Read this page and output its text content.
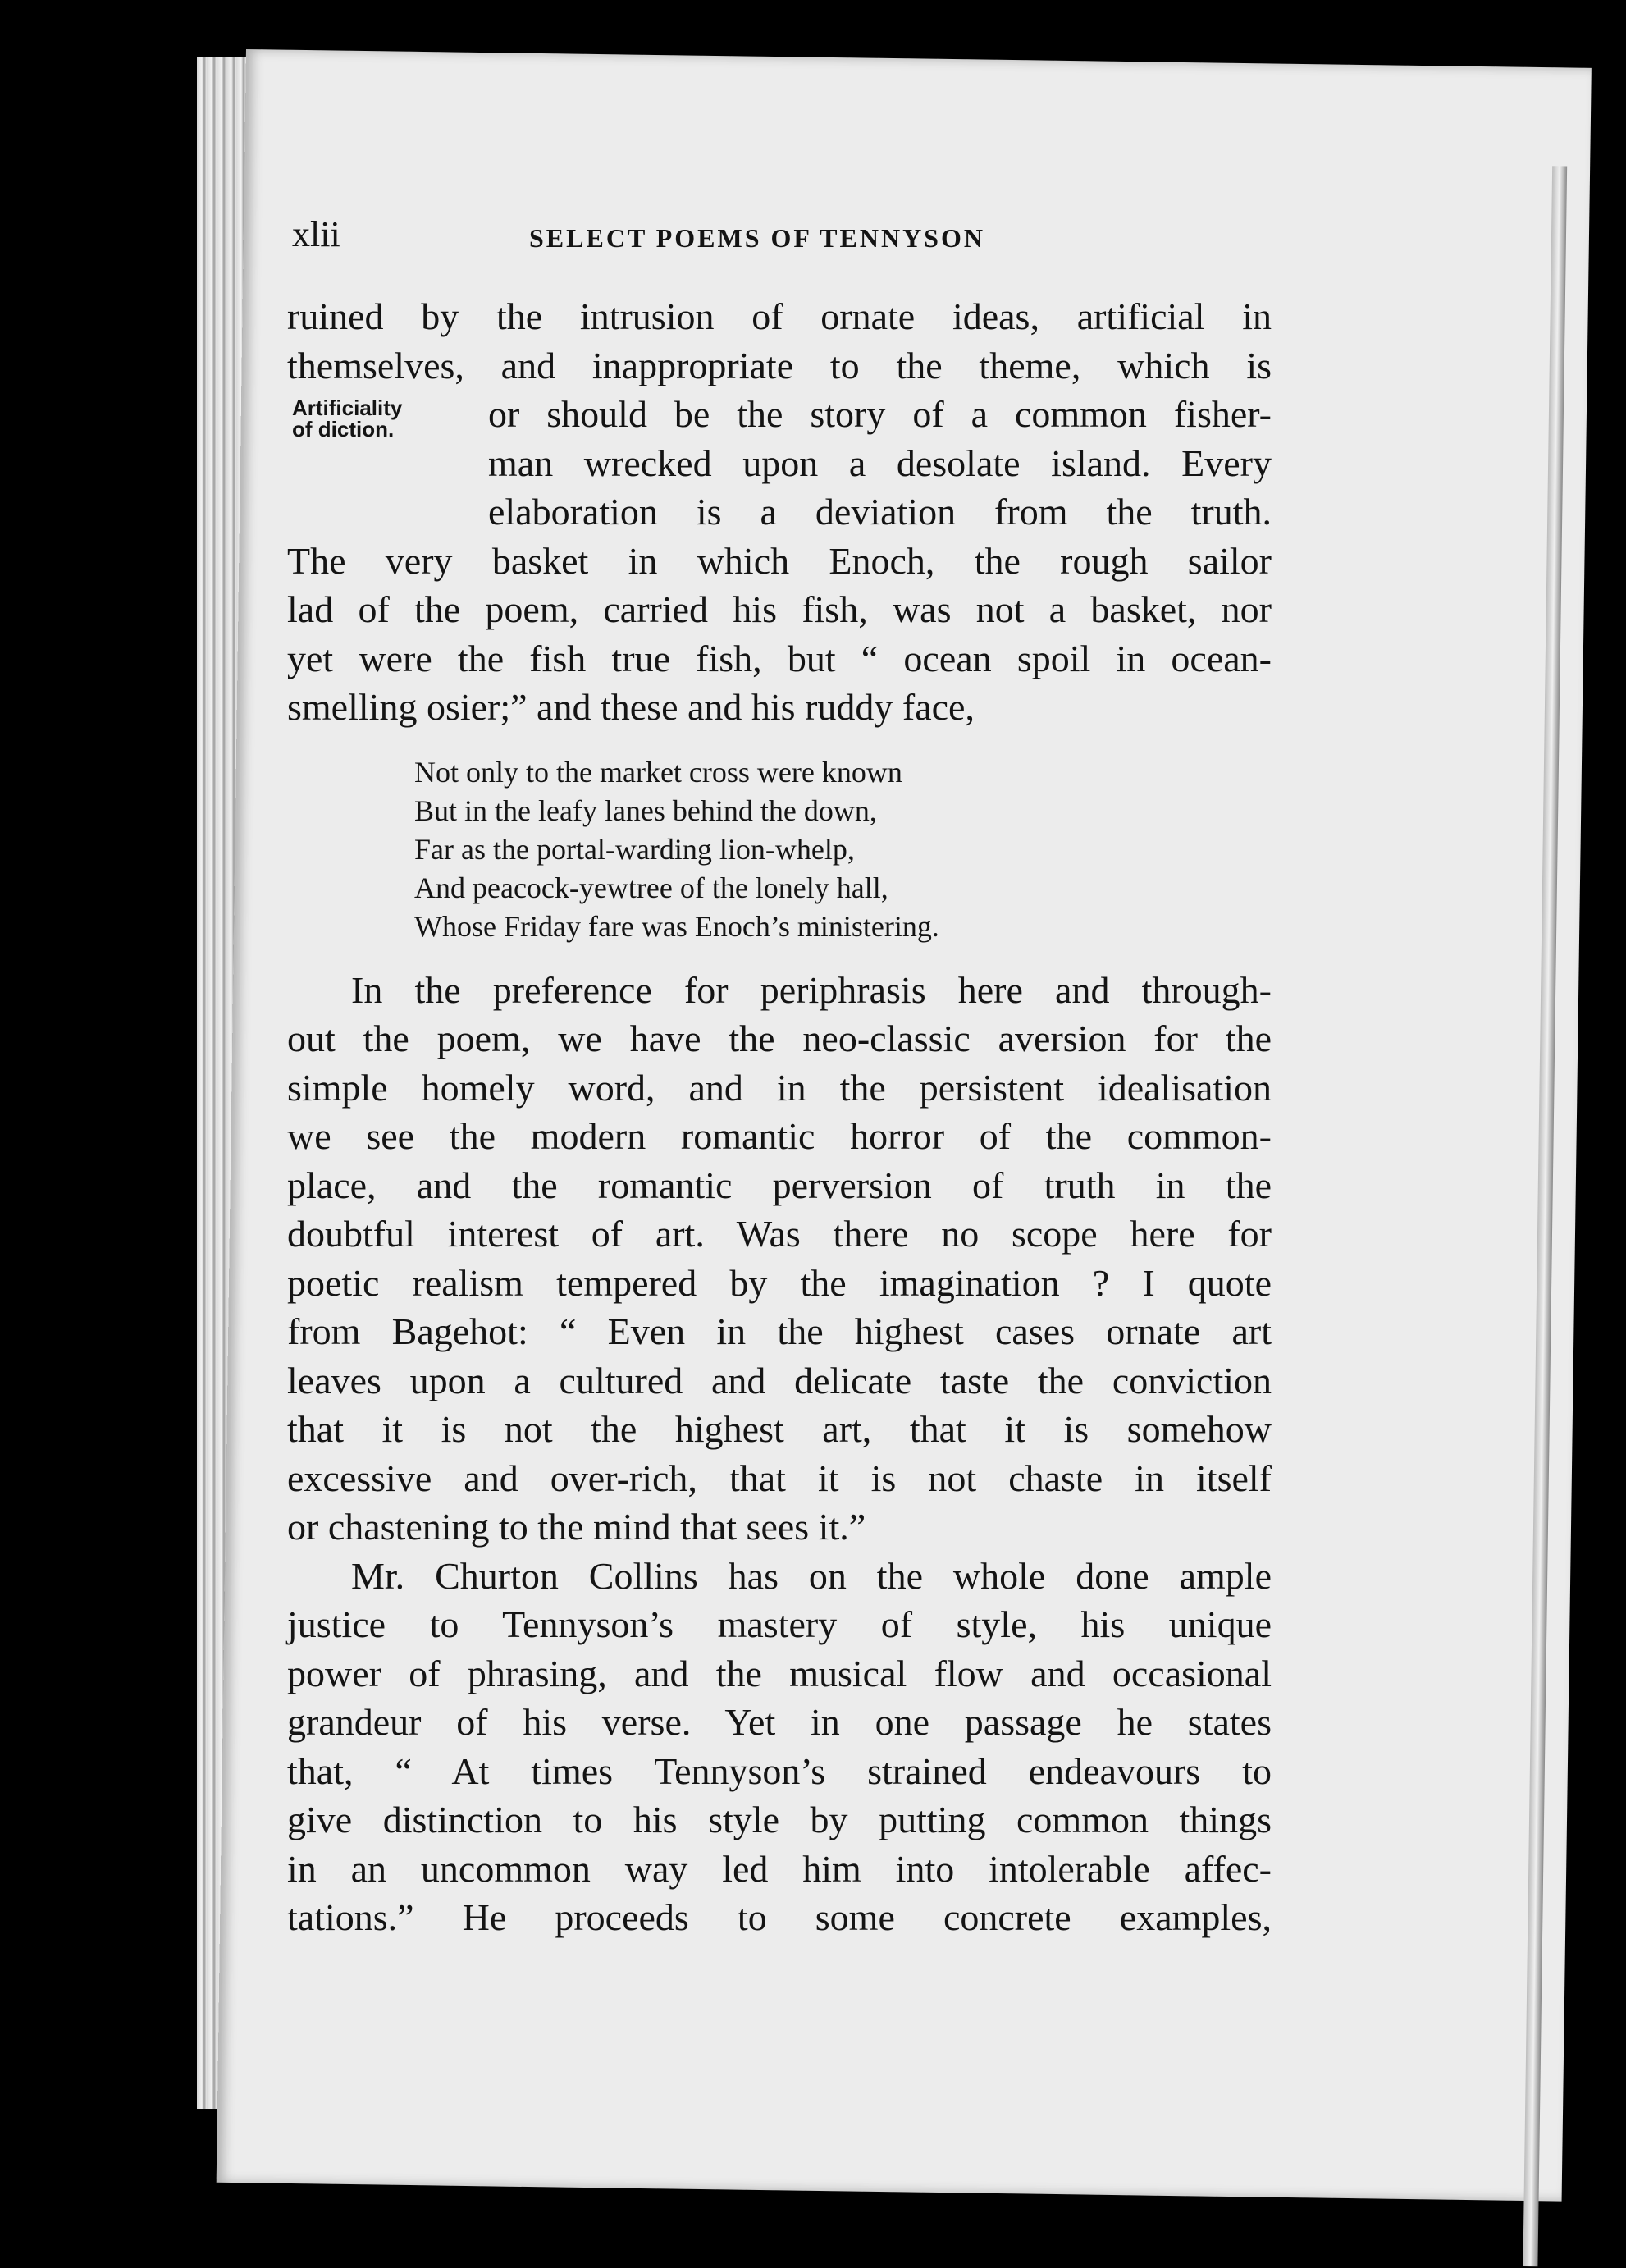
xlii	SELECT POEMS OF TENNYSON
Artificiality
of diction.
ruined by the intrusion of ornate ideas, artificial in
themselves, and inappropriate to the theme, which is
or should be the story of a common fisher-
man wrecked upon a desolate island. Every
elaboration is a deviation from the truth.
The very basket in which Enoch, the rough sailor
lad of the poem, carried his fish, was not a basket, nor
yet were the fish true fish, but “ ocean spoil in ocean-
smelling osier;” and these and his ruddy face,
Not only to the market cross were known
But in the leafy lanes behind the down,
Far as the portal-warding lion-whelp,
And peacock-yewtree of the lonely hall,
Whose Friday fare was Enoch’s ministering.
In the preference for periphrasis here and through-
out the poem, we have the neo-classic aversion for the
simple homely word, and in the persistent idealisation
we see the modern romantic horror of the common-
place, and the romantic perversion of truth in the
doubtful interest of art. Was there no scope here for
poetic realism tempered by the imagination ? I quote
from Bagehot: “ Even in the highest cases ornate art
leaves upon a cultured and delicate taste the conviction
that it is not the highest art, that it is somehow
excessive and over-rich, that it is not chaste in itself
or chastening to the mind that sees it.”
Mr. Churton Collins has on the whole done ample
justice to Tennyson’s mastery of style, his unique
power of phrasing, and the musical flow and occasional
grandeur of his verse. Yet in one passage he states
that, “ At times Tennyson’s strained endeavours to
give distinction to his style by putting common things
in an uncommon way led him into intolerable affec-
tations.” He proceeds to some concrete examples,
